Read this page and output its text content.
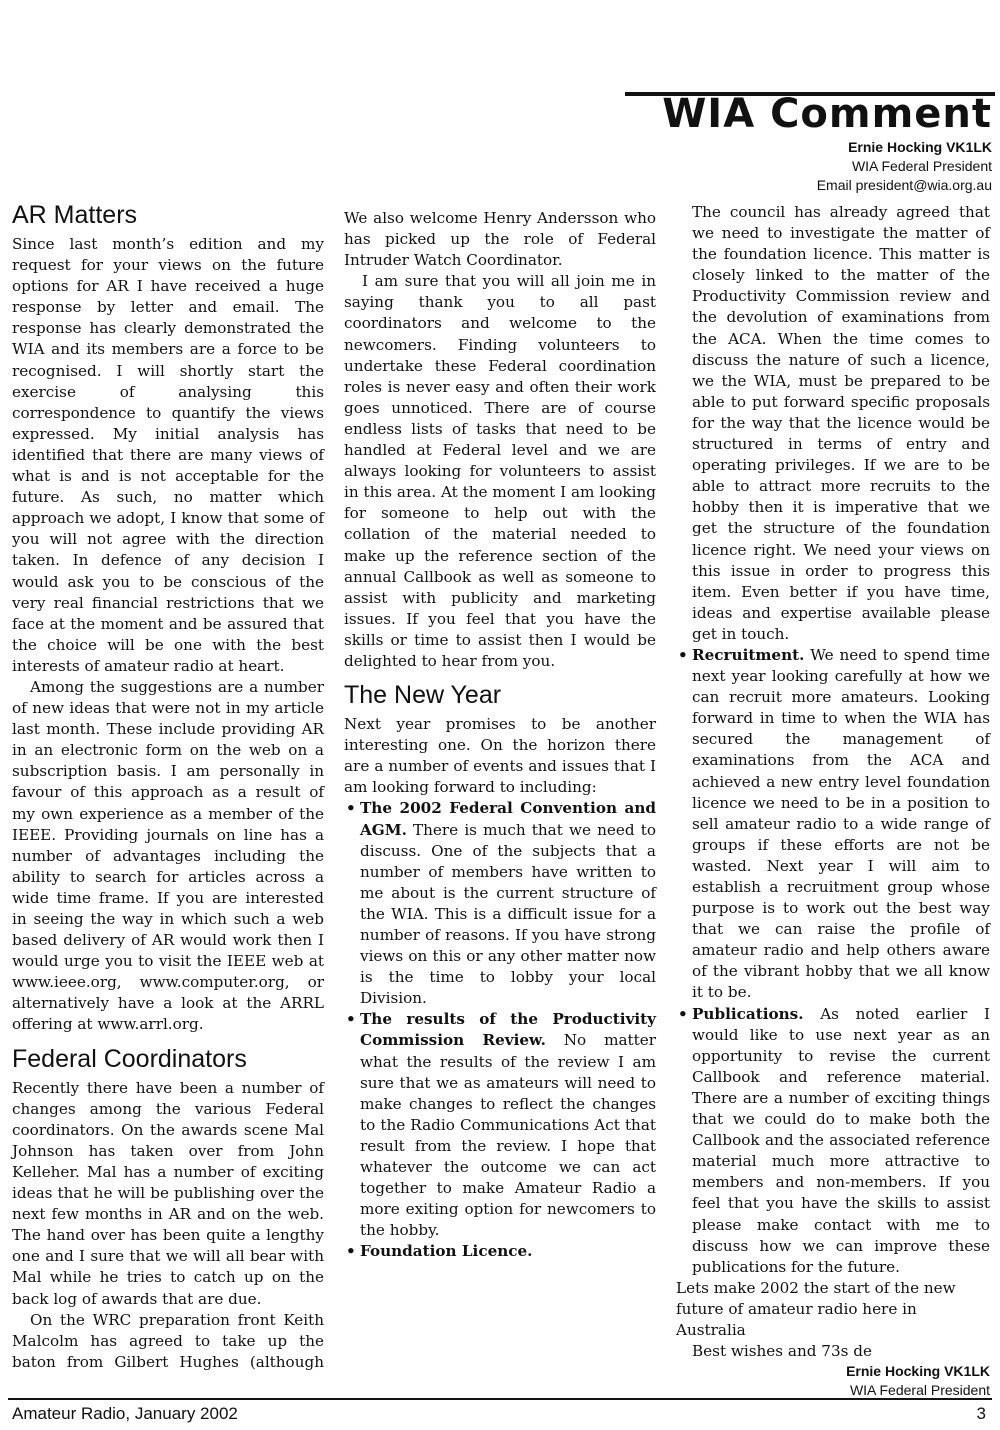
WIA Comment
Ernie Hocking VK1LK
WIA Federal President
Email president@wia.org.au
AR Matters

Since last month’s edition and my request for your views on the future options for AR I have received a huge response by letter and email. The response has clearly demonstrated the WIA and its members are a force to be recognised. I will shortly start the exercise of analysing this correspondence to quantify the views expressed. My initial analysis has identified that there are many views of what is and is not acceptable for the future. As such, no matter which approach we adopt, I know that some of you will not agree with the direction taken. In defence of any decision I would ask you to be conscious of the very real financial restrictions that we face at the moment and be assured that the choice will be one with the best interests of amateur radio at heart.

Among the suggestions are a number of new ideas that were not in my article last month. These include providing AR in an electronic form on the web on a subscription basis. I am personally in favour of this approach as a result of my own experience as a member of the IEEE. Providing journals on line has a number of advantages including the ability to search for articles across a wide time frame. If you are interested in seeing the way in which such a web based delivery of AR would work then I would urge you to visit the IEEE web at www.ieee.org, www.computer.org, or alternatively have a look at the ARRL offering at www.arrl.org.

Federal Coordinators

Recently there have been a number of changes among the various Federal coordinators. On the awards scene Mal Johnson has taken over from John Kelleher. Mal has a number of exciting ideas that he will be publishing over the next few months in AR and on the web. The hand over has been quite a lengthy one and I sure that we will all bear with Mal while he tries to catch up on the back log of awards that are due.

On the WRC preparation front Keith Malcolm has agreed to take up the baton from Gilbert Hughes (although

We also welcome Henry Andersson who has picked up the role of Federal Intruder Watch Coordinator.

I am sure that you will all join me in saying thank you to all past coordinators and welcome to the newcomers. Finding volunteers to undertake these Federal coordination roles is never easy and often their work goes unnoticed. There are of course endless lists of tasks that need to be handled at Federal level and we are always looking for volunteers to assist in this area. At the moment I am looking for someone to help out with the collation of the material needed to make up the reference section of the annual Callbook as well as someone to assist with publicity and marketing issues. If you feel that you have the skills or time to assist then I would be delighted to hear from you.

The New Year

Next year promises to be another interesting one. On the horizon there are a number of events and issues that I am looking forward to including:

• The 2002 Federal Convention and AGM. There is much that we need to discuss. One of the subjects that a number of members have written to me about is the current structure of the WIA. This is a difficult issue for a number of reasons. If you have strong views on this or any other matter now is the time to lobby your local Division.
• The results of the Productivity Commission Review. No matter what the results of the review I am sure that we as amateurs will need to make changes to reflect the changes to the Radio Communications Act that result from the review. I hope that whatever the outcome we can act together to make Amateur Radio a more exiting option for newcomers to the hobby.
• Foundation Licence.

The council has already agreed that we need to investigate the matter of the foundation licence. This matter is closely linked to the matter of the Productivity Commission review and the devolution of examinations from the ACA. When the time comes to discuss the nature of such a licence, we the WIA, must be prepared to be able to put forward specific proposals for the way that the licence would be structured in terms of entry and operating privileges. If we are to be able to attract more recruits to the hobby then it is imperative that we get the structure of the foundation licence right. We need your views on this issue in order to progress this item. Even better if you have time, ideas and expertise available please get in touch.

• Recruitment. We need to spend time next year looking carefully at how we can recruit more amateurs. Looking forward in time to when the WIA has secured the management of examinations from the ACA and achieved a new entry level foundation licence we need to be in a position to sell amateur radio to a wide range of groups if these efforts are not be wasted. Next year I will aim to establish a recruitment group whose purpose is to work out the best way that we can raise the profile of amateur radio and help others aware of the vibrant hobby that we all know it to be.
• Publications. As noted earlier I would like to use next year as an opportunity to revise the current Callbook and reference material. There are a number of exciting things that we could do to make both the Callbook and the associated reference material much more attractive to members and non-members. If you feel that you have the skills to assist please make contact with me to discuss how we can improve these publications for the future.

Lets make 2002 the start of the new future of amateur radio here in Australia

Best wishes and 73s de

Ernie Hocking VK1LK
WIA Federal President
Amateur Radio, January 2002	3
